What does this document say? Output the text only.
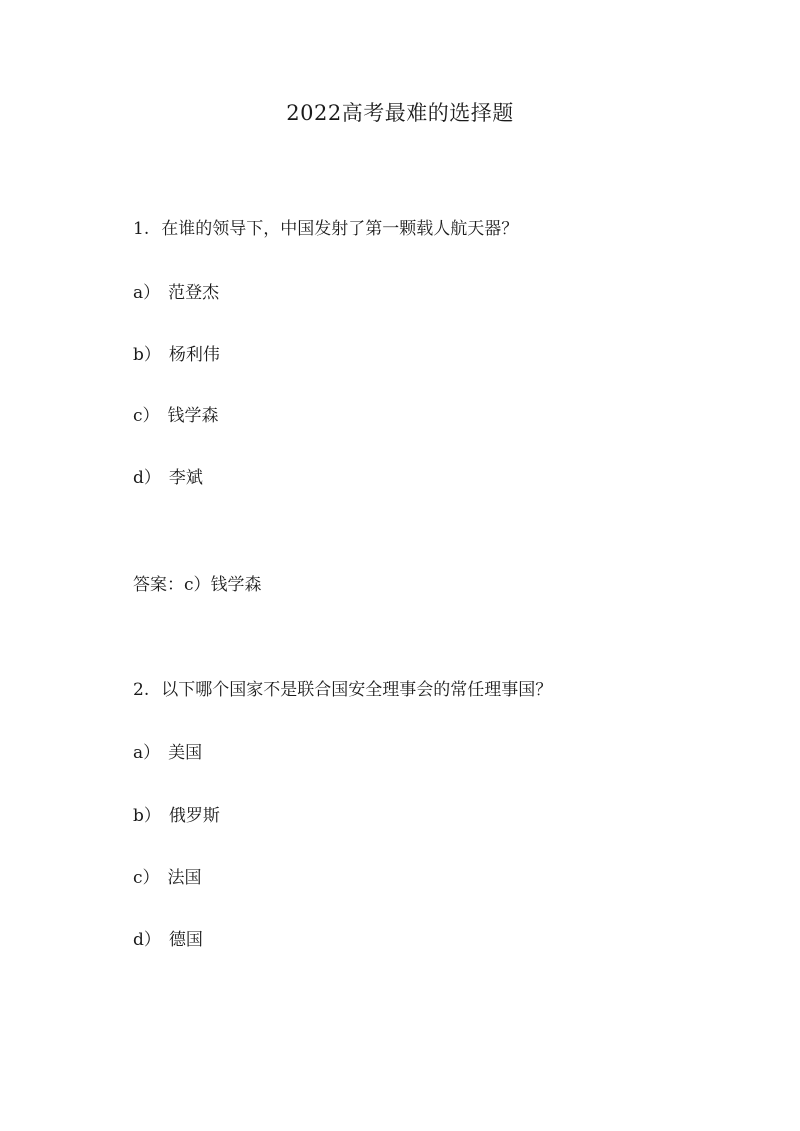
2022高考最难的选择题
1. 在谁的领导下，中国发射了第一颗载人航天器？
a） 范登杰
b） 杨利伟
c） 钱学森
d） 李斌
答案：c）钱学森
2. 以下哪个国家不是联合国安全理事会的常任理事国？
a） 美国
b） 俄罗斯
c） 法国
d） 德国
